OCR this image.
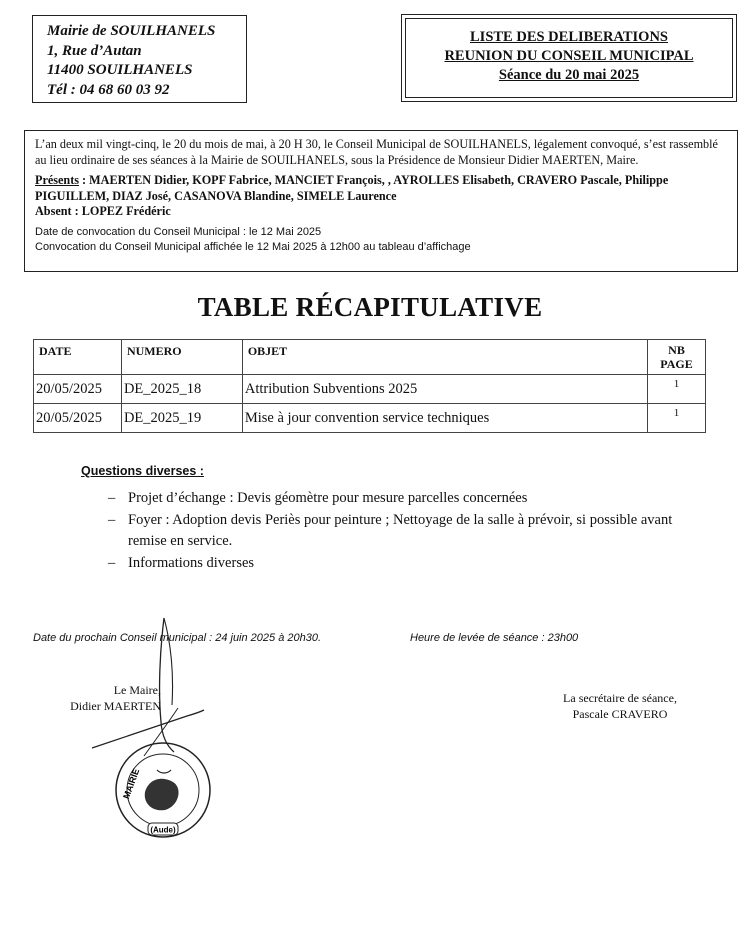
Mairie de SOUILHANELS
1, Rue d’Autan
11400 SOUILHANELS
Tél : 04 68 60 03 92
LISTE DES DELIBERATIONS
REUNION DU CONSEIL MUNICIPAL
Séance du 20 mai 2025
L’an deux mil vingt-cinq, le 20 du mois de mai, à 20 H 30, le Conseil Municipal de SOUILHANELS, légalement convoqué, s’est rassemblé au lieu ordinaire de ses séances à la Mairie de SOUILHANELS, sous la Présidence de Monsieur Didier MAERTEN, Maire.
Présents : MAERTEN Didier, KOPF Fabrice, MANCIET François, , AYROLLES Elisabeth, CRAVERO Pascale, Philippe PIGUILLEM, DIAZ José, CASANOVA Blandine, SIMELE Laurence
Absent : LOPEZ Frédéric
Date de convocation du Conseil Municipal : le 12 Mai 2025
Convocation du Conseil Municipal affichée le 12 Mai 2025 à 12h00 au tableau d’affichage
TABLE RÉCAPITULATIVE
DATE	NUMERO	OBJET	NB
PAGE

20/05/2025	DE_2025_18	Attribution Subventions 2025	1
20/05/2025	DE_2025_19	Mise à jour convention service techniques	1
Questions diverses :
– Projet d’échange : Devis géomètre pour mesure parcelles concernées
– Foyer : Adoption devis Periès pour peinture ; Nettoyage de la salle à prévoir, si possible avant remise en service.
– Informations diverses
Date du prochain Conseil municipal : 24 juin 2025 à 20h30.	Heure de levée de séance : 23h00
MAIRIE
(Aude)
Le Maire,
Didier MAERTEN
La secrétaire de séance,
Pascale CRAVERO
